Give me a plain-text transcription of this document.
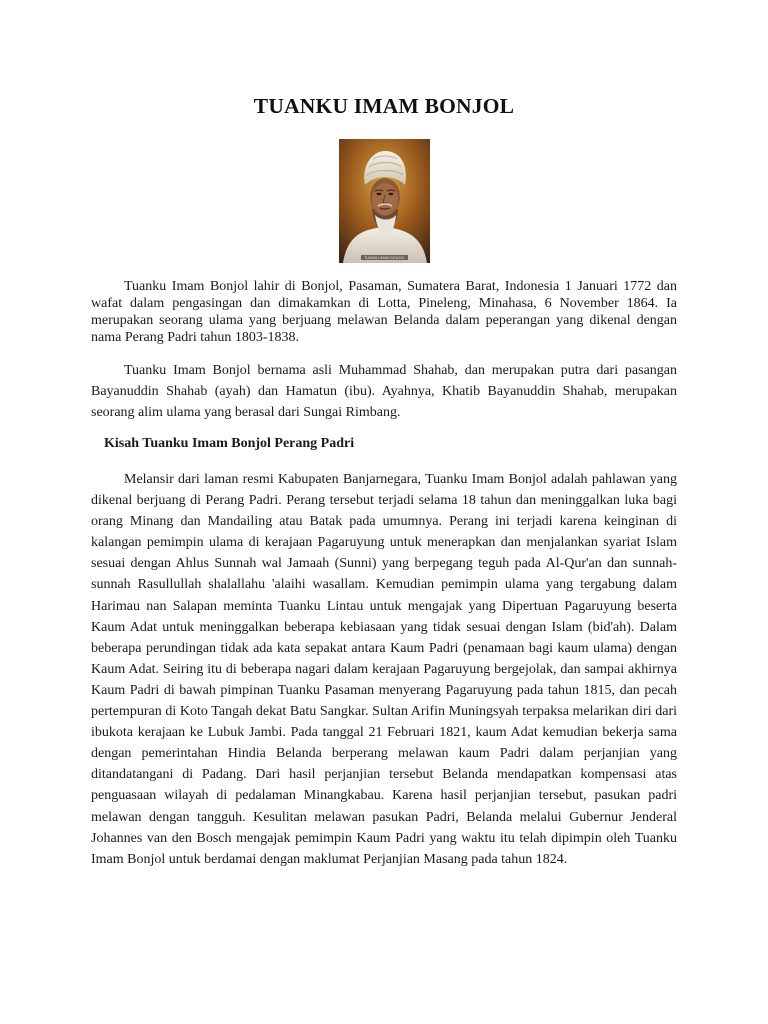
TUANKU IMAM BONJOL
TUANKU IMAM BONJOL

Tuanku Imam Bonjol lahir di Bonjol, Pasaman, Sumatera Barat, Indonesia 1 Januari 1772 dan wafat dalam pengasingan dan dimakamkan di Lotta, Pineleng, Minahasa, 6 November 1864. Ia merupakan seorang ulama yang berjuang melawan Belanda dalam peperangan yang dikenal dengan nama Perang Padri tahun 1803-1838.

Tuanku Imam Bonjol bernama asli Muhammad Shahab, dan merupakan putra dari pasangan Bayanuddin Shahab (ayah) dan Hamatun (ibu). Ayahnya, Khatib Bayanuddin Shahab, merupakan seorang alim ulama yang berasal dari Sungai Rimbang.

Kisah Tuanku Imam Bonjol Perang Padri

Melansir dari laman resmi Kabupaten Banjarnegara, Tuanku Imam Bonjol adalah pahlawan yang dikenal berjuang di Perang Padri. Perang tersebut terjadi selama 18 tahun dan meninggalkan luka bagi orang Minang dan Mandailing atau Batak pada umumnya. Perang ini terjadi karena keinginan di kalangan pemimpin ulama di kerajaan Pagaruyung untuk menerapkan dan menjalankan syariat Islam sesuai dengan Ahlus Sunnah wal Jamaah (Sunni) yang berpegang teguh pada Al-Qur'an dan sunnah-sunnah Rasullullah shalallahu 'alaihi wasallam. Kemudian pemimpin ulama yang tergabung dalam Harimau nan Salapan meminta Tuanku Lintau untuk mengajak yang Dipertuan Pagaruyung beserta Kaum Adat untuk meninggalkan beberapa kebiasaan yang tidak sesuai dengan Islam (bid'ah). Dalam beberapa perundingan tidak ada kata sepakat antara Kaum Padri (penamaan bagi kaum ulama) dengan Kaum Adat. Seiring itu di beberapa nagari dalam kerajaan Pagaruyung bergejolak, dan sampai akhirnya Kaum Padri di bawah pimpinan Tuanku Pasaman menyerang Pagaruyung pada tahun 1815, dan pecah pertempuran di Koto Tangah dekat Batu Sangkar. Sultan Arifin Muningsyah terpaksa melarikan diri dari ibukota kerajaan ke Lubuk Jambi. Pada tanggal 21 Februari 1821, kaum Adat kemudian bekerja sama dengan pemerintahan Hindia Belanda berperang melawan kaum Padri dalam perjanjian yang ditandatangani di Padang. Dari hasil perjanjian tersebut Belanda mendapatkan kompensasi atas penguasaan wilayah di pedalaman Minangkabau. Karena hasil perjanjian tersebut, pasukan padri melawan dengan tangguh. Kesulitan melawan pasukan Padri, Belanda melalui Gubernur Jenderal Johannes van den Bosch mengajak pemimpin Kaum Padri yang waktu itu telah dipimpin oleh Tuanku Imam Bonjol untuk berdamai dengan maklumat Perjanjian Masang pada tahun 1824.
